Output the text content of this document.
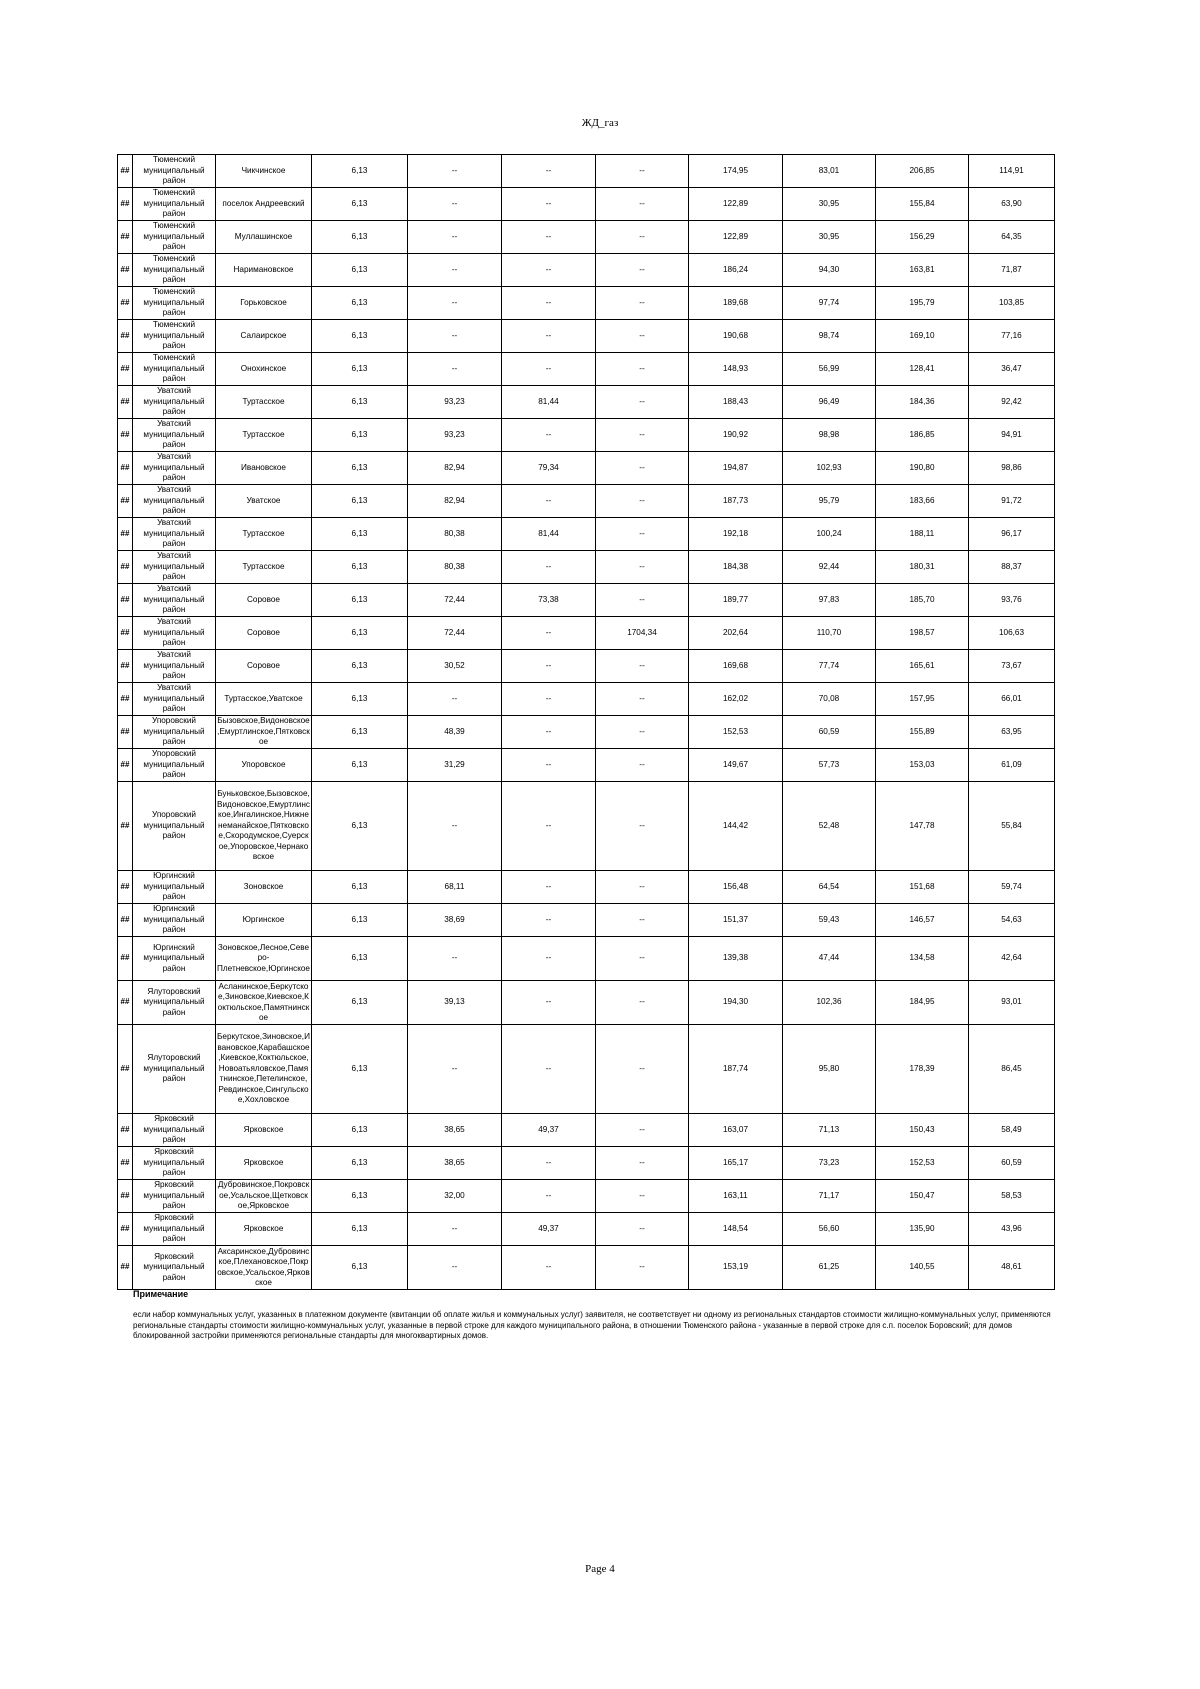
ЖД_газ
##	Тюменский муниципальный район	Чикчинское	6,13	--	--	--	174,95	83,01	206,85	114,91
##	Тюменский муниципальный район	поселок Андреевский	6,13	--	--	--	122,89	30,95	155,84	63,90
##	Тюменский муниципальный район	Муллашинское	6,13	--	--	--	122,89	30,95	156,29	64,35
##	Тюменский муниципальный район	Наримановское	6,13	--	--	--	186,24	94,30	163,81	71,87
##	Тюменский муниципальный район	Горьковское	6,13	--	--	--	189,68	97,74	195,79	103,85
##	Тюменский муниципальный район	Салаирское	6,13	--	--	--	190,68	98,74	169,10	77,16
##	Тюменский муниципальный район	Онохинское	6,13	--	--	--	148,93	56,99	128,41	36,47
##	Уватский муниципальный район	Туртасское	6,13	93,23	81,44	--	188,43	96,49	184,36	92,42
##	Уватский муниципальный район	Туртасское	6,13	93,23	--	--	190,92	98,98	186,85	94,91
##	Уватский муниципальный район	Ивановское	6,13	82,94	79,34	--	194,87	102,93	190,80	98,86
##	Уватский муниципальный район	Уватское	6,13	82,94	--	--	187,73	95,79	183,66	91,72
##	Уватский муниципальный район	Туртасское	6,13	80,38	81,44	--	192,18	100,24	188,11	96,17
##	Уватский муниципальный район	Туртасское	6,13	80,38	--	--	184,38	92,44	180,31	88,37
##	Уватский муниципальный район	Соровое	6,13	72,44	73,38	--	189,77	97,83	185,70	93,76
##	Уватский муниципальный район	Соровое	6,13	72,44	--	1704,34	202,64	110,70	198,57	106,63
##	Уватский муниципальный район	Соровое	6,13	30,52	--	--	169,68	77,74	165,61	73,67
##	Уватский муниципальный район	Туртасское,Уватское	6,13	--	--	--	162,02	70,08	157,95	66,01
##	Упоровский муниципальный район	Бызовское,Видоновское,Емуртлинское,Пятковское	6,13	48,39	--	--	152,53	60,59	155,89	63,95
##	Упоровский муниципальный район	Упоровское	6,13	31,29	--	--	149,67	57,73	153,03	61,09
##	Упоровский муниципальный район	Буньковское,Бызовское,Видоновское,Емуртлинское,Ингалинское,Нижненеманайское,Пятковское,Скородумское,Суерское,Упоровское,Чернаковское	6,13	--	--	--	144,42	52,48	147,78	55,84
##	Юргинский муниципальный район	Зоновское	6,13	68,11	--	--	156,48	64,54	151,68	59,74
##	Юргинский муниципальный район	Юргинское	6,13	38,69	--	--	151,37	59,43	146,57	54,63
##	Юргинский муниципальный район	Зоновское,Лесное,Северо-Плетневское,Юргинское	6,13	--	--	--	139,38	47,44	134,58	42,64
##	Ялуторовский муниципальный район	Асланинское,Беркутское,Зиновское,Киевское,Коктюльское,Памятнинское	6,13	39,13	--	--	194,30	102,36	184,95	93,01
##	Ялуторовский муниципальный район	Беркутское,Зиновское,Ивановское,Карабашское,Киевское,Коктюльское,Новоатьяловское,Памятнинское,Петелинское,Ревдинское,Сингульское,Хохловское	6,13	--	--	--	187,74	95,80	178,39	86,45
##	Ярковский муниципальный район	Ярковское	6,13	38,65	49,37	--	163,07	71,13	150,43	58,49
##	Ярковский муниципальный район	Ярковское	6,13	38,65	--	--	165,17	73,23	152,53	60,59
##	Ярковский муниципальный район	Дубровинское,Покровское,Усальское,Щетковское,Ярковское	6,13	32,00	--	--	163,11	71,17	150,47	58,53
##	Ярковский муниципальный район	Ярковское	6,13	--	49,37	--	148,54	56,60	135,90	43,96
##	Ярковский муниципальный район	Аксаринское,Дубровинское,Плехановское,Покровское,Усальское,Ярковское	6,13	--	--	--	153,19	61,25	140,55	48,61
Примечание
если набор коммунальных услуг, указанных в платежном документе (квитанции об оплате жилья и коммунальных услуг) заявителя, не соответствует ни одному из региональных стандартов стоимости жилищно-коммунальных услуг, применяются региональные стандарты стоимости жилищно-коммунальных услуг, указанные в первой строке для каждого муниципального района, в отношении Тюменского района - указанные в первой строке для с.п. поселок Боровский; для домов блокированной застройки применяются региональные стандарты для многоквартирных домов.
Page 4
